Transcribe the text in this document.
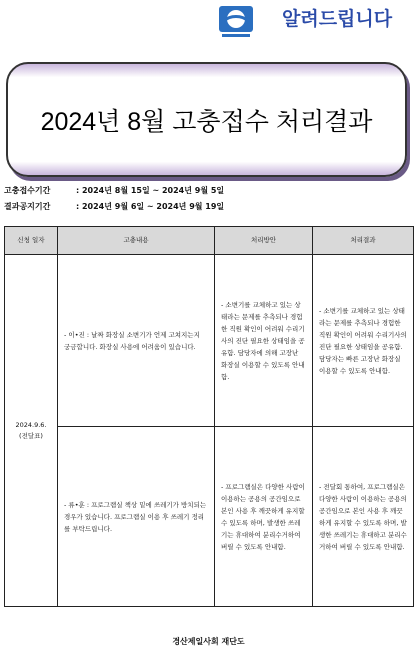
알려드립니다
2024년 8월 고충접수 처리결과
고충접수기간	: 2024년 8월 15일 ~ 2024년 9월 5일
결과공지기간	: 2024년 9월 6일 ~ 2024년 9월 19일
신청 일자	고충내용	처리방안	처리결과
2024.9.6.
(전달표)	- 이•진 : 날짜 화장실 소변기가 언제 고쳐지는지 궁금합니다. 화장실 사용에 어려움이 있습니다.	- 소변기를 교체하고 있는 상태라는 문제를 추측되나 경험한 직원 확인이 어려워 수리기사의 진단 필요한 상태임을 공유함. 담당자에 의해 고장난 화장실 이용할 수 있도록 안내함.	- 소변기를 교체하고 있는 상태라는 문제를 추측되나 경험한 직원 확인이 어려워 수리기사의 진단 필요한 상태임을 공유함. 담당자는 빠른 고장난 화장실 이용할 수 있도록 안내함.
	- 류•훈 : 프로그램실 책상 밑에 쓰레기가 방치되는 경우가 있습니다. 프로그램실 이용 후 쓰레기 정리를 부탁드립니다.	- 프로그램실은 다양한 사람이 이용하는 공용의 공간임으로 본인 사용 후 깨끗하게 유지할 수 있도록 하며, 발생한 쓰레기는 휴대하여 분리수거하여 버릴 수 있도록 안내함.	- 전달회 통하여, 프로그램실은 다양한 사람이 이용하는 공용의 공간임으로 본인 사용 후 깨끗하게 유지할 수 있도록 하며, 발생한 쓰레기는 휴대하고 분리수거하여 버릴 수 있도록 안내함.
경산제일사회 재단도
